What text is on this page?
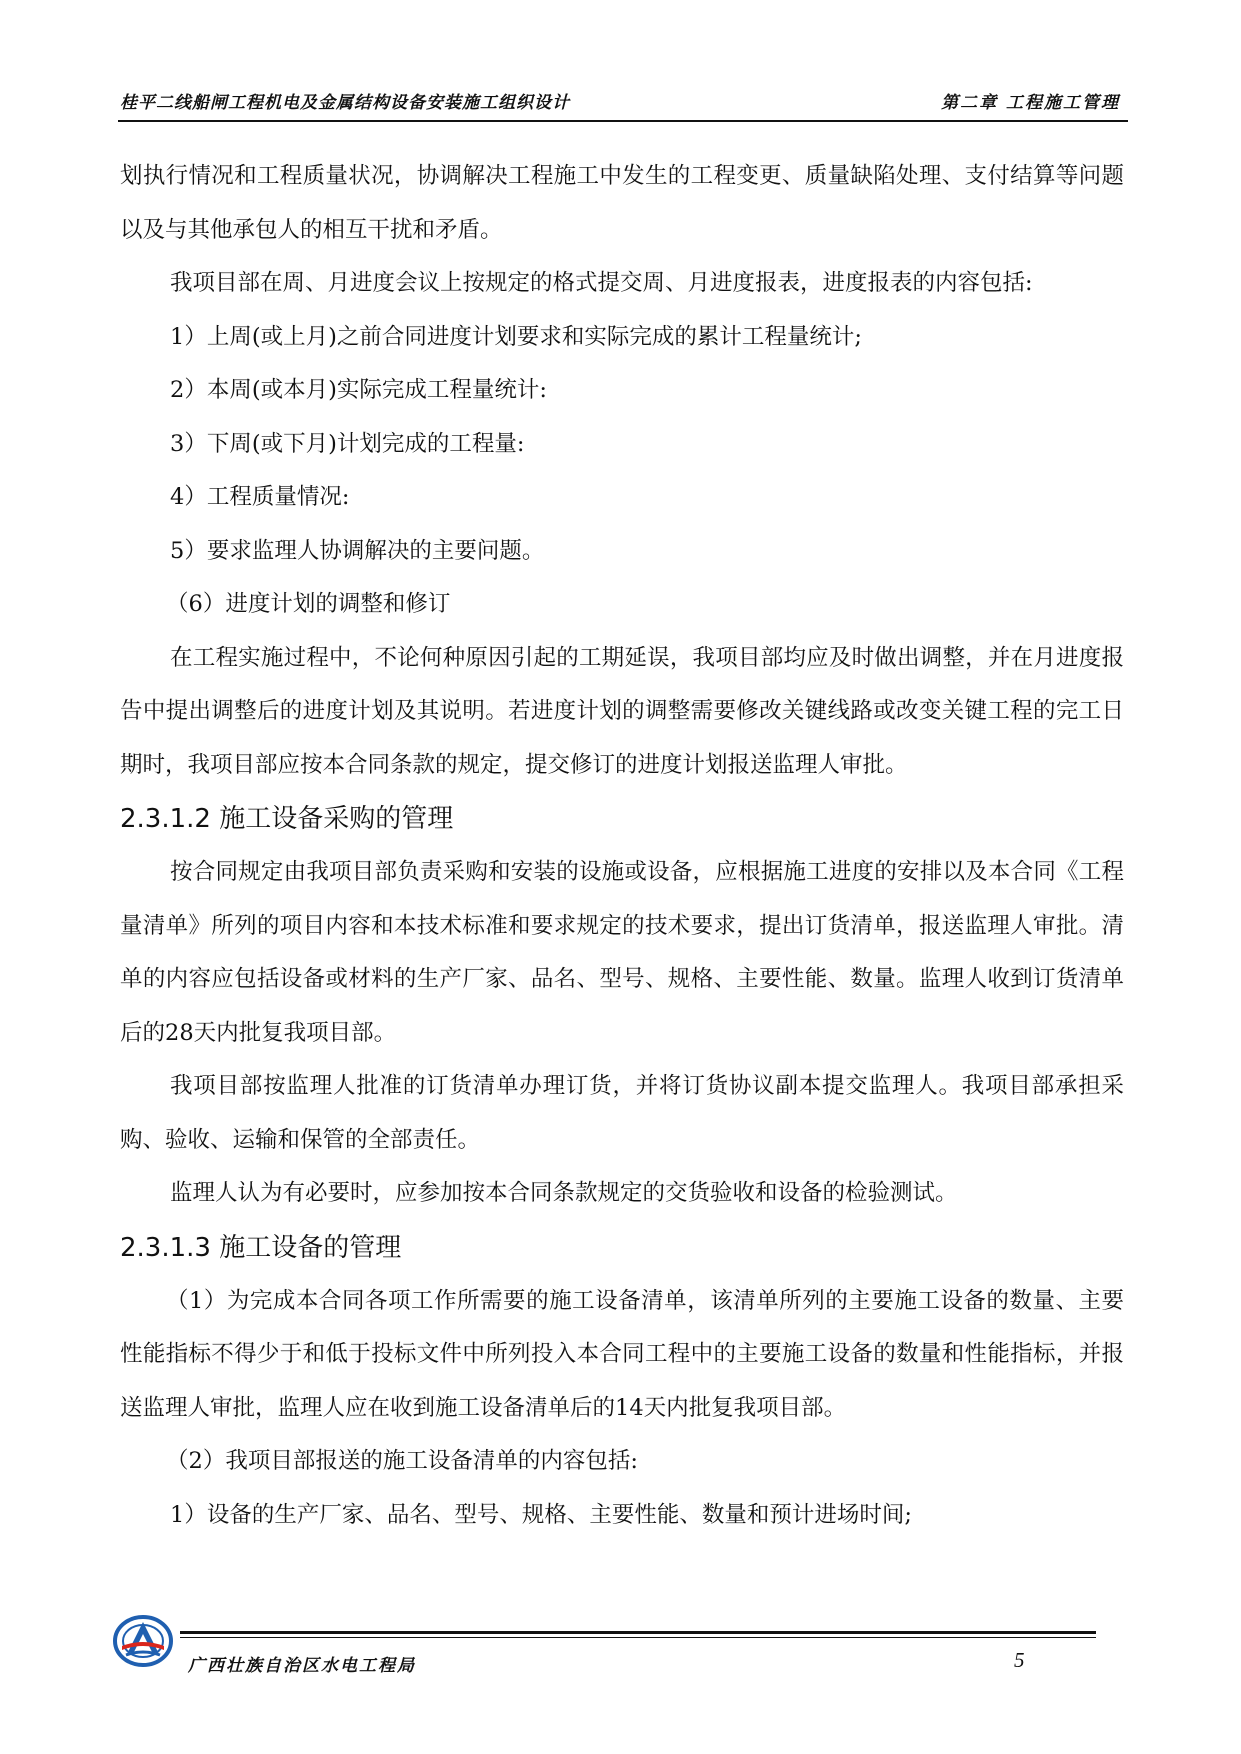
桂平二线船闸工程机电及金属结构设备安装施工组织设计	第二章 工程施工管理

划执行情况和工程质量状况，协调解决工程施工中发生的工程变更、质量缺陷处理、支付结算等问题以及与其他承包人的相互干扰和矛盾。

我项目部在周、月进度会议上按规定的格式提交周、月进度报表，进度报表的内容包括:

1）上周(或上月)之前合同进度计划要求和实际完成的累计工程量统计;

2）本周(或本月)实际完成工程量统计:

3）下周(或下月)计划完成的工程量:

4）工程质量情况:

5）要求监理人协调解决的主要问题。

（6）进度计划的调整和修订

在工程实施过程中，不论何种原因引起的工期延误，我项目部均应及时做出调整，并在月进度报告中提出调整后的进度计划及其说明。若进度计划的调整需要修改关键线路或改变关键工程的完工日期时，我项目部应按本合同条款的规定，提交修订的进度计划报送监理人审批。

2.3.1.2 施工设备采购的管理

按合同规定由我项目部负责采购和安装的设施或设备，应根据施工进度的安排以及本合同《工程量清单》所列的项目内容和本技术标准和要求规定的技术要求，提出订货清单，报送监理人审批。清单的内容应包括设备或材料的生产厂家、品名、型号、规格、主要性能、数量。监理人收到订货清单后的28天内批复我项目部。

我项目部按监理人批准的订货清单办理订货，并将订货协议副本提交监理人。我项目部承担采购、验收、运输和保管的全部责任。

监理人认为有必要时，应参加按本合同条款规定的交货验收和设备的检验测试。

2.3.1.3 施工设备的管理

（1）为完成本合同各项工作所需要的施工设备清单，该清单所列的主要施工设备的数量、主要性能指标不得少于和低于投标文件中所列投入本合同工程中的主要施工设备的数量和性能指标，并报送监理人审批，监理人应在收到施工设备清单后的14天内批复我项目部。

（2）我项目部报送的施工设备清单的内容包括:

1）设备的生产厂家、品名、型号、规格、主要性能、数量和预计进场时间;

广西壮族自治区水电工程局	5
